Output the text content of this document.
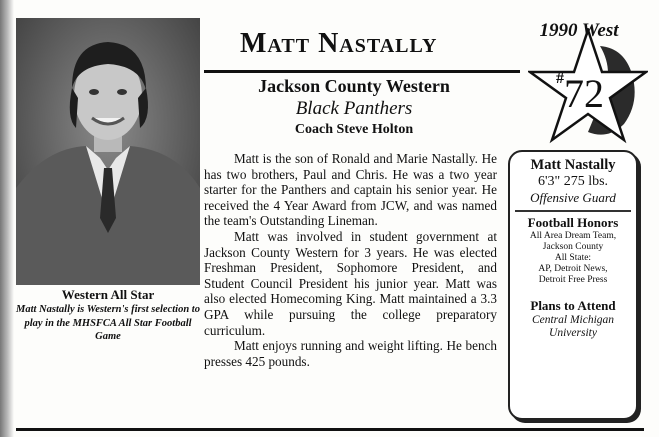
Western All Star
Matt Nastally is Western's first selection to play in the MHSFCA All Star Football Game
Matt Nastally
Jackson County Western
Black Panthers
Coach Steve Holton

Matt is the son of Ronald and Marie Nastally. He has two brothers, Paul and Chris. He was a two year starter for the Panthers and captain his senior year. He received the 4 Year Award from JCW, and was named the team's Outstanding Lineman.

Matt was involved in student government at Jackson County Western for 3 years. He was elected Freshman President, Sophomore President, and Student Council President his junior year. Matt was also elected Homecoming King. Matt maintained a 3.3 GPA while pursuing the college preparatory curriculum.

Matt enjoys running and weight lifting. He bench presses 425 pounds.

1990 West
#72
Matt Nastally
6'3" 275 lbs.
Offensive Guard
Football Honors
All Area Dream Team,
Jackson County
All State:
AP, Detroit News,
Detroit Free Press
Plans to Attend
Central Michigan
University
